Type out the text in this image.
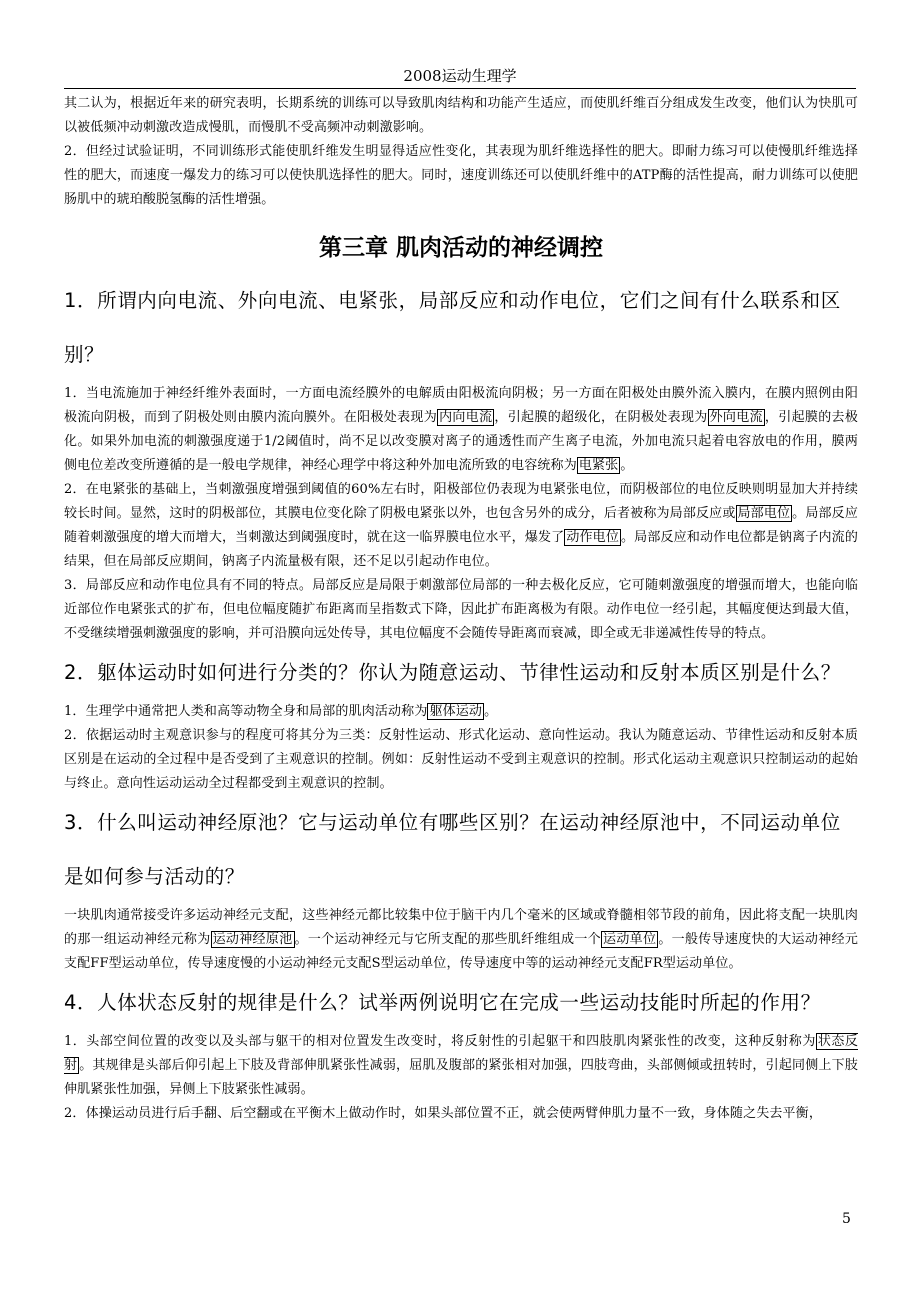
2008运动生理学

其二认为，根据近年来的研究表明，长期系统的训练可以导致肌肉结构和功能产生适应，而使肌纤维百分组成发生改变，他们认为快肌可以被低频冲动刺激改造成慢肌，而慢肌不受高频冲动刺激影响。

2．但经过试验证明，不同训练形式能使肌纤维发生明显得适应性变化，其表现为肌纤维选择性的肥大。即耐力练习可以使慢肌纤维选择性的肥大，而速度一爆发力的练习可以使快肌选择性的肥大。同时，速度训练还可以使肌纤维中的ATP酶的活性提高，耐力训练可以使肥肠肌中的琥珀酸脱氢酶的活性增强。

第三章 肌肉活动的神经调控
1．所谓内向电流、外向电流、电紧张，局部反应和动作电位，它们之间有什么联系和区别？

1．当电流施加于神经纤维外表面时，一方面电流经膜外的电解质由阳极流向阴极；另一方面在阳极处由膜外流入膜内，在膜内照例由阳极流向阴极，而到了阴极处则由膜内流向膜外。在阳极处表现为 内向电流 ，引起膜的超级化，在阴极处表现为 外向电流 ，引起膜的去极化。如果外加电流的刺激强度递于1/2阈值时，尚不足以改变膜对离子的通透性而产生离子电流，外加电流只起着电容放电的作用，膜两侧电位差改变所遵循的是一般电学规律，神经心理学中将这种外加电流所致的电容统称为 电紧张 。

2．在电紧张的基础上，当刺激强度增强到阈值的60%左右时，阳极部位仍表现为电紧张电位，而阴极部位的电位反映则明显加大并持续较长时间。显然，这时的阴极部位，其膜电位变化除了阴极电紧张以外，也包含另外的成分，后者被称为局部反应或 局部电位 。局部反应随着刺激强度的增大而增大，当刺激达到阈强度时，就在这一临界膜电位水平，爆发了 动作电位 。局部反应和动作电位都是钠离子内流的结果，但在局部反应期间，钠离子内流量极有限，还不足以引起动作电位。

3．局部反应和动作电位具有不同的特点。局部反应是局限于刺激部位局部的一种去极化反应，它可随刺激强度的增强而增大，也能向临近部位作电紧张式的扩布，但电位幅度随扩布距离而呈指数式下降，因此扩布距离极为有限。动作电位一经引起，其幅度便达到最大值，不受继续增强刺激强度的影响，并可沿膜向远处传导，其电位幅度不会随传导距离而衰减，即全或无非递减性传导的特点。

2．躯体运动时如何进行分类的？你认为随意运动、节律性运动和反射本质区别是什么？

1．生理学中通常把人类和高等动物全身和局部的肌肉活动称为 躯体运动 。

2．依据运动时主观意识参与的程度可将其分为三类：反射性运动、形式化运动、意向性运动。我认为随意运动、节律性运动和反射本质区别是在运动的全过程中是否受到了主观意识的控制。例如：反射性运动不受到主观意识的控制。形式化运动主观意识只控制运动的起始与终止。意向性运动运动全过程都受到主观意识的控制。

3．什么叫运动神经原池？它与运动单位有哪些区别？在运动神经原池中，不同运动单位是如何参与活动的？

一块肌肉通常接受许多运动神经元支配，这些神经元都比较集中位于脑干内几个毫米的区域或脊髓相邻节段的前角，因此将支配一块肌肉的那一组运动神经元称为 运动神经原池 。一个运动神经元与它所支配的那些肌纤维组成一个 运动单位 。一般传导速度快的大运动神经元支配FF型运动单位，传导速度慢的小运动神经元支配S型运动单位，传导速度中等的运动神经元支配FR型运动单位。

4．人体状态反射的规律是什么？试举两例说明它在完成一些运动技能时所起的作用？

1．头部空间位置的改变以及头部与躯干的相对位置发生改变时，将反射性的引起躯干和四肢肌肉紧张性的改变，这种反射称为 状态反射 。其规律是头部后仰引起上下肢及背部伸肌紧张性减弱，屈肌及腹部的紧张相对加强，四肢弯曲，头部侧倾或扭转时，引起同侧上下肢伸肌紧张性加强，异侧上下肢紧张性减弱。

2．体操运动员进行后手翻、后空翻或在平衡木上做动作时，如果头部位置不正，就会使两臂伸肌力量不一致，身体随之失去平衡，

5
